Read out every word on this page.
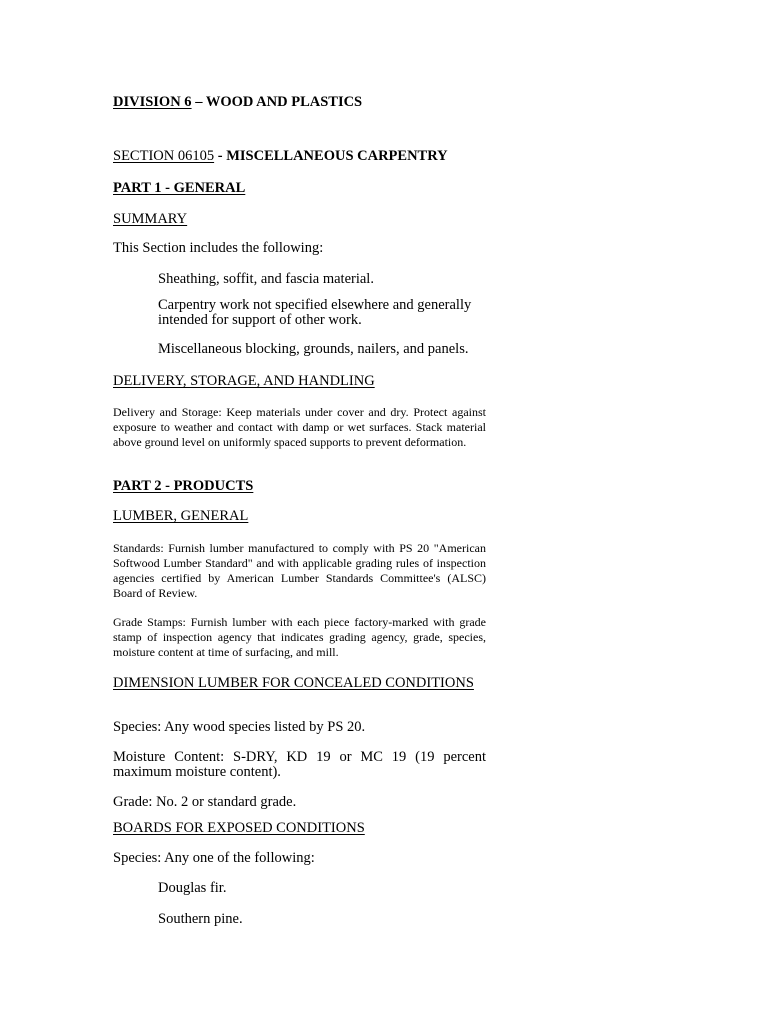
DIVISION 6 – WOOD AND PLASTICS
SECTION 06105 - MISCELLANEOUS CARPENTRY
PART 1 - GENERAL
SUMMARY
This Section includes the following:
Sheathing, soffit, and fascia material.
Carpentry work not specified elsewhere and generally intended for support of other work.
Miscellaneous blocking, grounds, nailers, and panels.
DELIVERY, STORAGE, AND HANDLING
Delivery and Storage: Keep materials under cover and dry. Protect against exposure to weather and contact with damp or wet surfaces. Stack material above ground level on uniformly spaced supports to prevent deformation.
PART 2 - PRODUCTS
LUMBER, GENERAL
Standards: Furnish lumber manufactured to comply with PS 20 "American Softwood Lumber Standard" and with applicable grading rules of inspection agencies certified by American Lumber Standards Committee's (ALSC) Board of Review.
Grade Stamps: Furnish lumber with each piece factory-marked with grade stamp of inspection agency that indicates grading agency, grade, species, moisture content at time of surfacing, and mill.
DIMENSION LUMBER FOR CONCEALED CONDITIONS
Species: Any wood species listed by PS 20.
Moisture Content: S-DRY, KD 19 or MC 19 (19 percent maximum moisture content).
Grade: No. 2 or standard grade.
BOARDS FOR EXPOSED CONDITIONS
Species: Any one of the following:
Douglas fir.
Southern pine.
